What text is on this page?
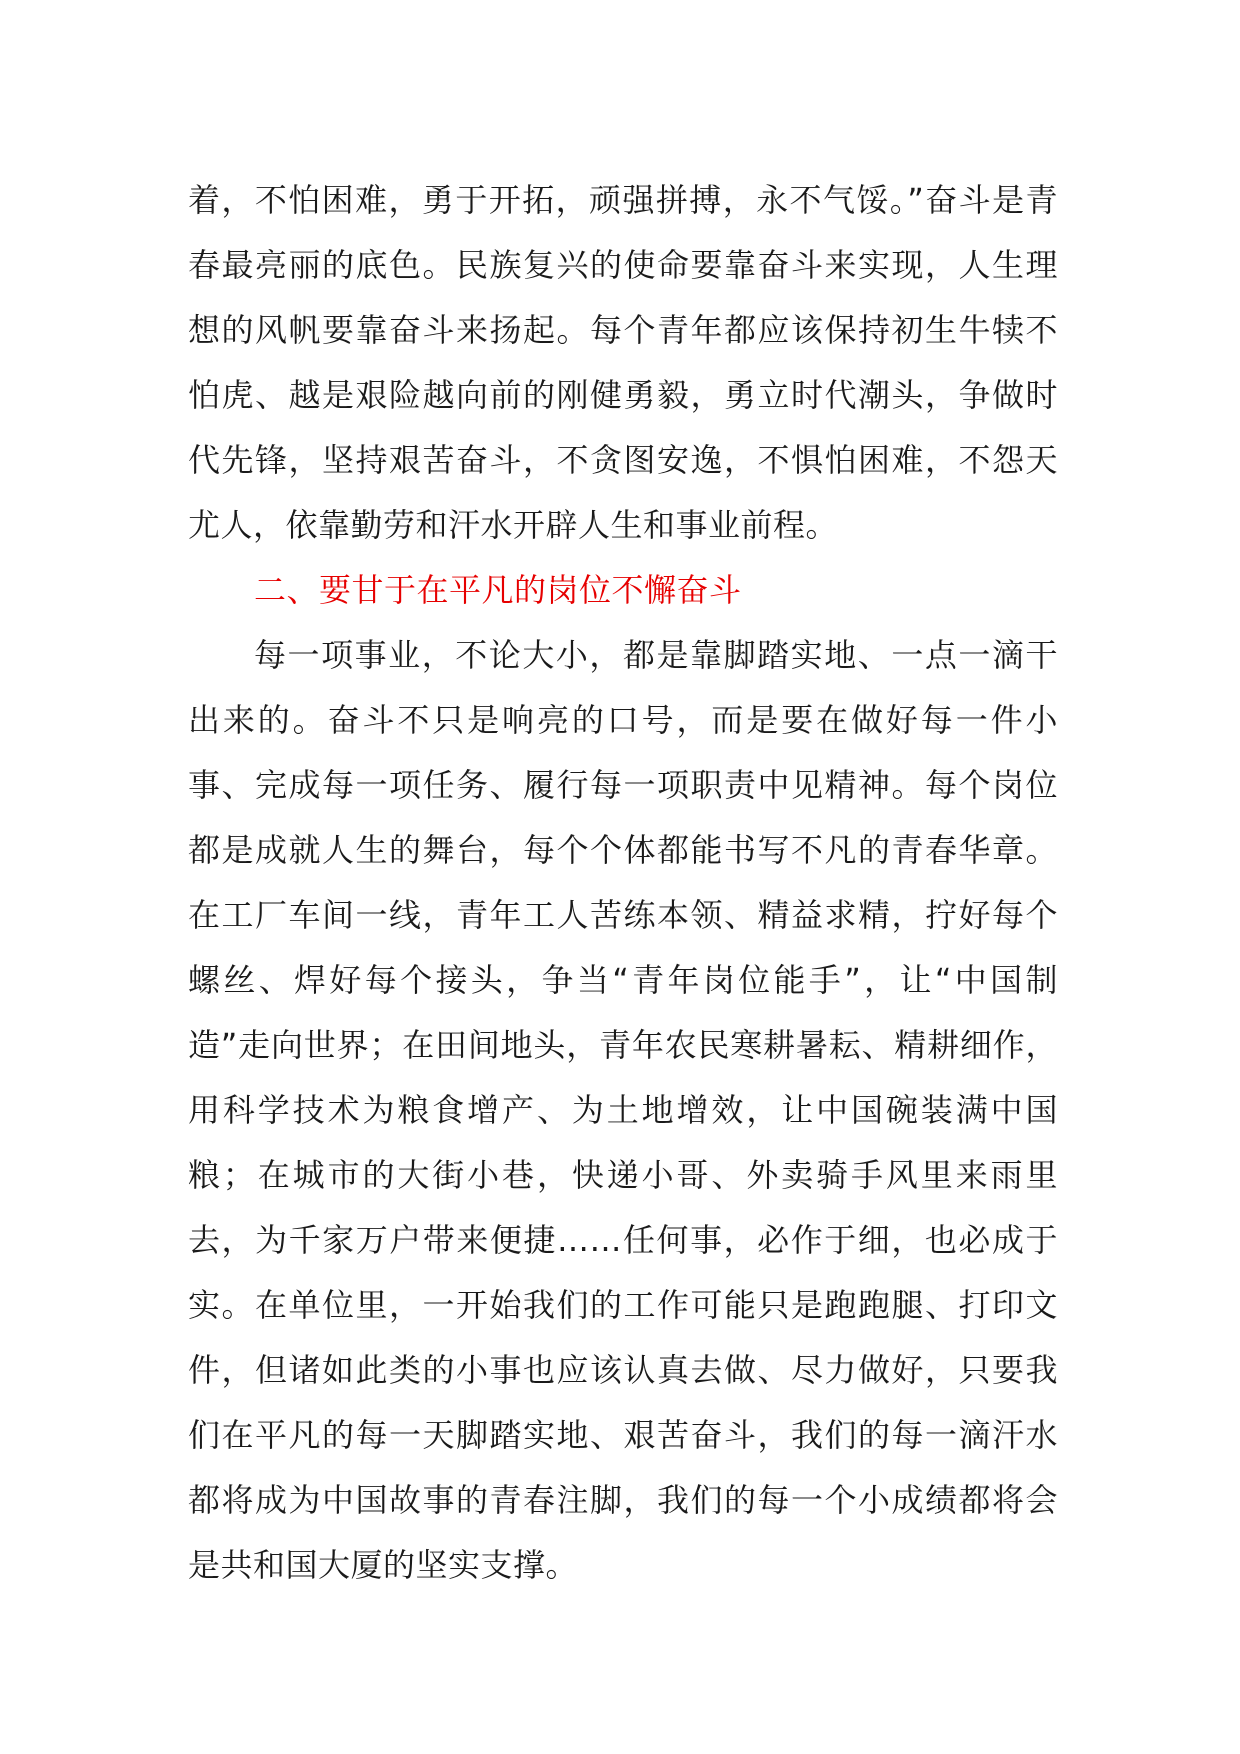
着，不怕困难，勇于开拓，顽强拼搏，永不气馁。”奋斗是青春最亮丽的底色。民族复兴的使命要靠奋斗来实现，人生理想的风帆要靠奋斗来扬起。每个青年都应该保持初生牛犊不怕虎、越是艰险越向前的刚健勇毅，勇立时代潮头，争做时代先锋，坚持艰苦奋斗，不贪图安逸，不惧怕困难，不怨天尤人，依靠勤劳和汗水开辟人生和事业前程。

二、要甘于在平凡的岗位不懈奋斗

每一项事业，不论大小，都是靠脚踏实地、一点一滴干出来的。奋斗不只是响亮的口号，而是要在做好每一件小事、完成每一项任务、履行每一项职责中见精神。每个岗位都是成就人生的舞台，每个个体都能书写不凡的青春华章。在工厂车间一线，青年工人苦练本领、精益求精，拧好每个螺丝、焊好每个接头，争当“青年岗位能手”，让“中国制造”走向世界；在田间地头，青年农民寒耕暑耘、精耕细作，用科学技术为粮食增产、为土地增效，让中国碗装满中国粮；在城市的大街小巷，快递小哥、外卖骑手风里来雨里去，为千家万户带来便捷……任何事，必作于细，也必成于实。在单位里，一开始我们的工作可能只是跑跑腿、打印文件，但诸如此类的小事也应该认真去做、尽力做好，只要我们在平凡的每一天脚踏实地、艰苦奋斗，我们的每一滴汗水都将成为中国故事的青春注脚，我们的每一个小成绩都将会是共和国大厦的坚实支撑。
